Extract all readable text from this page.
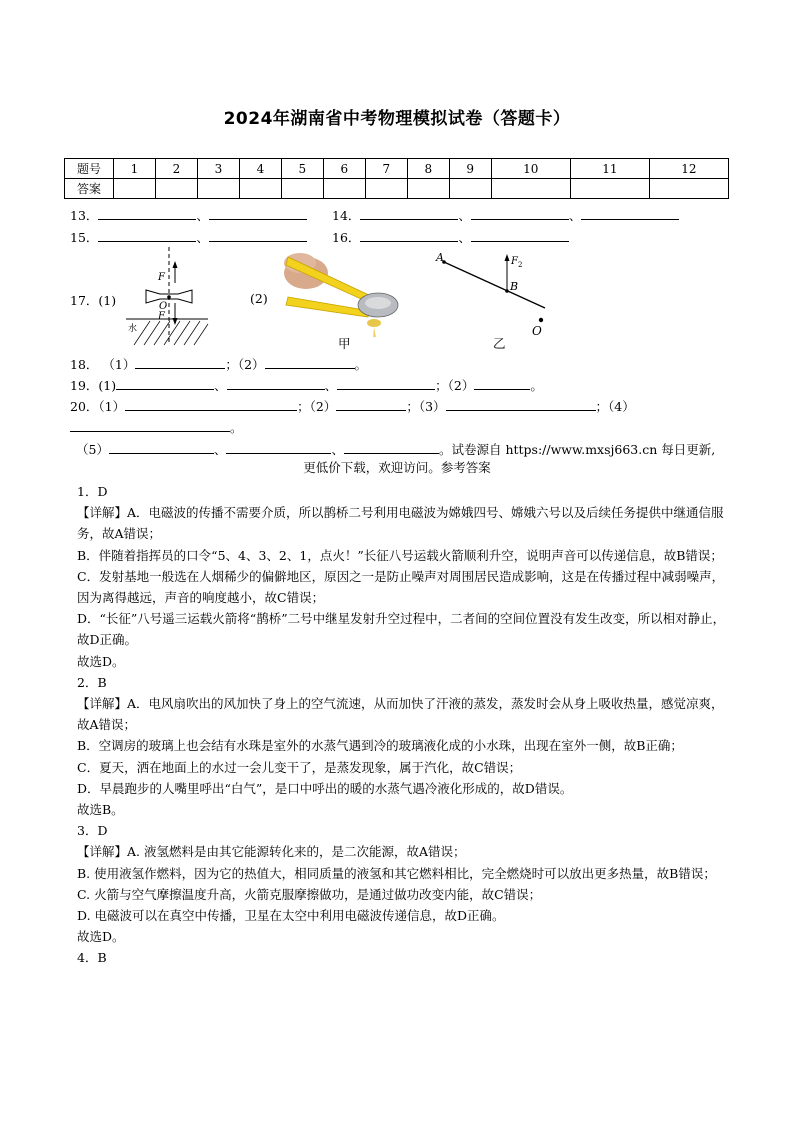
2024年湖南省中考物理模拟试卷（答题卡）
题号	1	2	3	4	5	6	7	8	9	10	11	12
答案												
13．	、	14．	、	、
15．	、	16．	、
17．(1)	(2)
F
O
F
水
甲
A
B
F 2
O
乙
18． （1）	；（2）	。
19．(1)	、	、	；（2）	。
20．（1）	；（2）	；（3）	；（4）
。
（5）	、	、	。试卷源自 https://www.mxsj663.cn 每日更新,
更低价下载，欢迎访问。参考答案

1．D

【详解】A．电磁波的传播不需要介质，所以鹊桥二号利用电磁波为嫦娥四号、嫦娥六号以及后续任务提供中继通信服务，故A错误；

B．伴随着指挥员的口令“5、4、3、2、1，点火！”长征八号运载火箭顺利升空，说明声音可以传递信息，故B错误；

C．发射基地一般选在人烟稀少的偏僻地区，原因之一是防止噪声对周围居民造成影响，这是在传播过程中减弱噪声，因为离得越远，声音的响度越小，故C错误；

D．“长征”八号遥三运载火箭将“鹊桥”二号中继星发射升空过程中，二者间的空间位置没有发生改变，所以相对静止，故D正确。

故选D。

2．B

【详解】A．电风扇吹出的风加快了身上的空气流速，从而加快了汗液的蒸发，蒸发时会从身上吸收热量，感觉凉爽，故A错误；

B．空调房的玻璃上也会结有水珠是室外的水蒸气遇到冷的玻璃液化成的小水珠，出现在室外一侧，故B正确；

C．夏天，洒在地面上的水过一会儿变干了，是蒸发现象，属于汽化，故C错误；

D．早晨跑步的人嘴里呼出“白气”，是口中呼出的暖的水蒸气遇冷液化形成的，故D错误。

故选B。

3．D

【详解】A. 液氢燃料是由其它能源转化来的，是二次能源，故A错误；

B. 使用液氢作燃料，因为它的热值大，相同质量的液氢和其它燃料相比，完全燃烧时可以放出更多热量，故B错误；

C. 火箭与空气摩擦温度升高，火箭克服摩擦做功，是通过做功改变内能，故C错误；

D. 电磁波可以在真空中传播，卫星在太空中利用电磁波传递信息，故D正确。

故选D。

4．B
